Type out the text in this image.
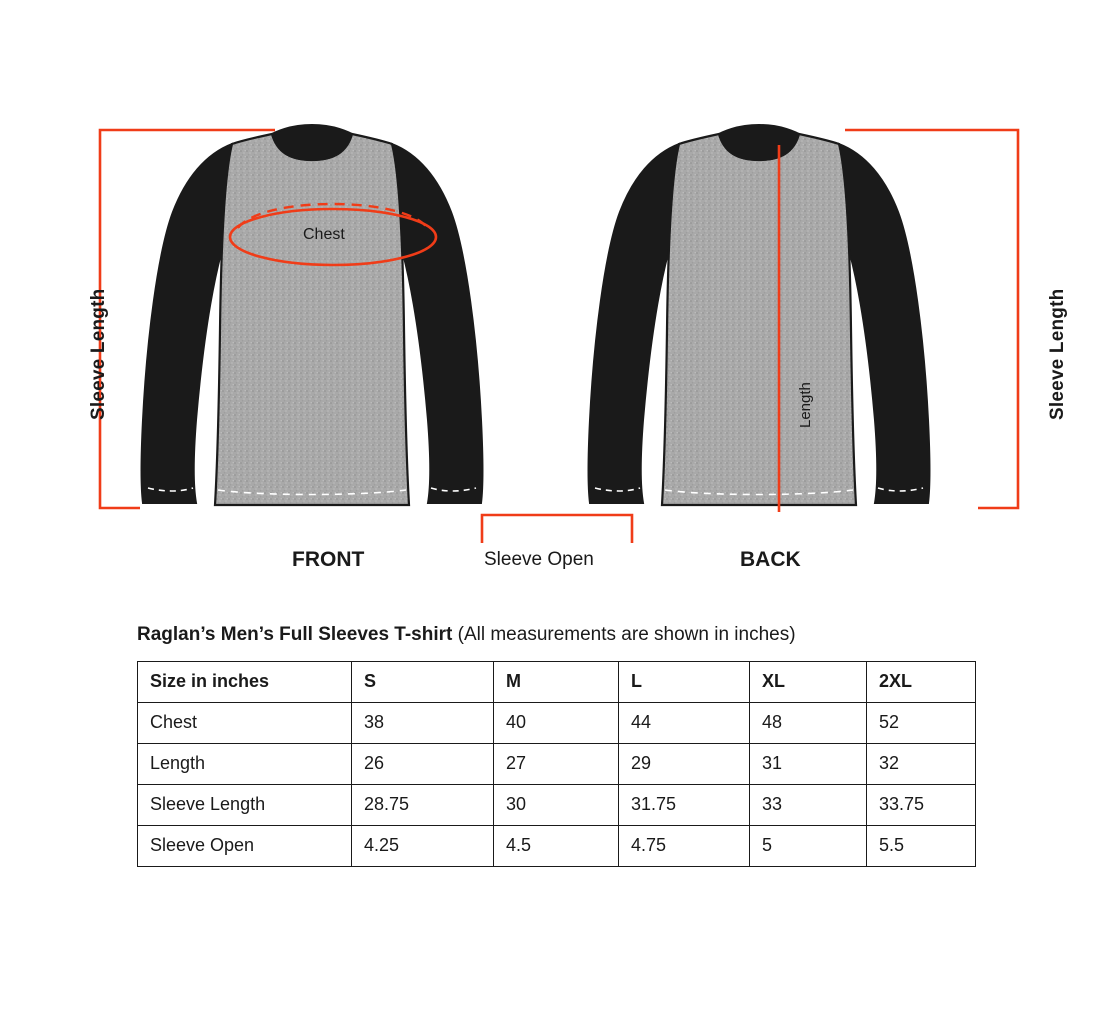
Sleeve Length	Sleeve Length
Chest
Length
FRONT	BACK
Sleeve Open
Raglan’s Men’s Full Sleeves T-shirt (All measurements are shown in inches)
Size in inches	S	M	L	XL	2XL
Chest	38	40	44	48	52
Length	26	27	29	31	32
Sleeve Length	28.75	30	31.75	33	33.75
Sleeve Open	4.25	4.5	4.75	5	5.5
